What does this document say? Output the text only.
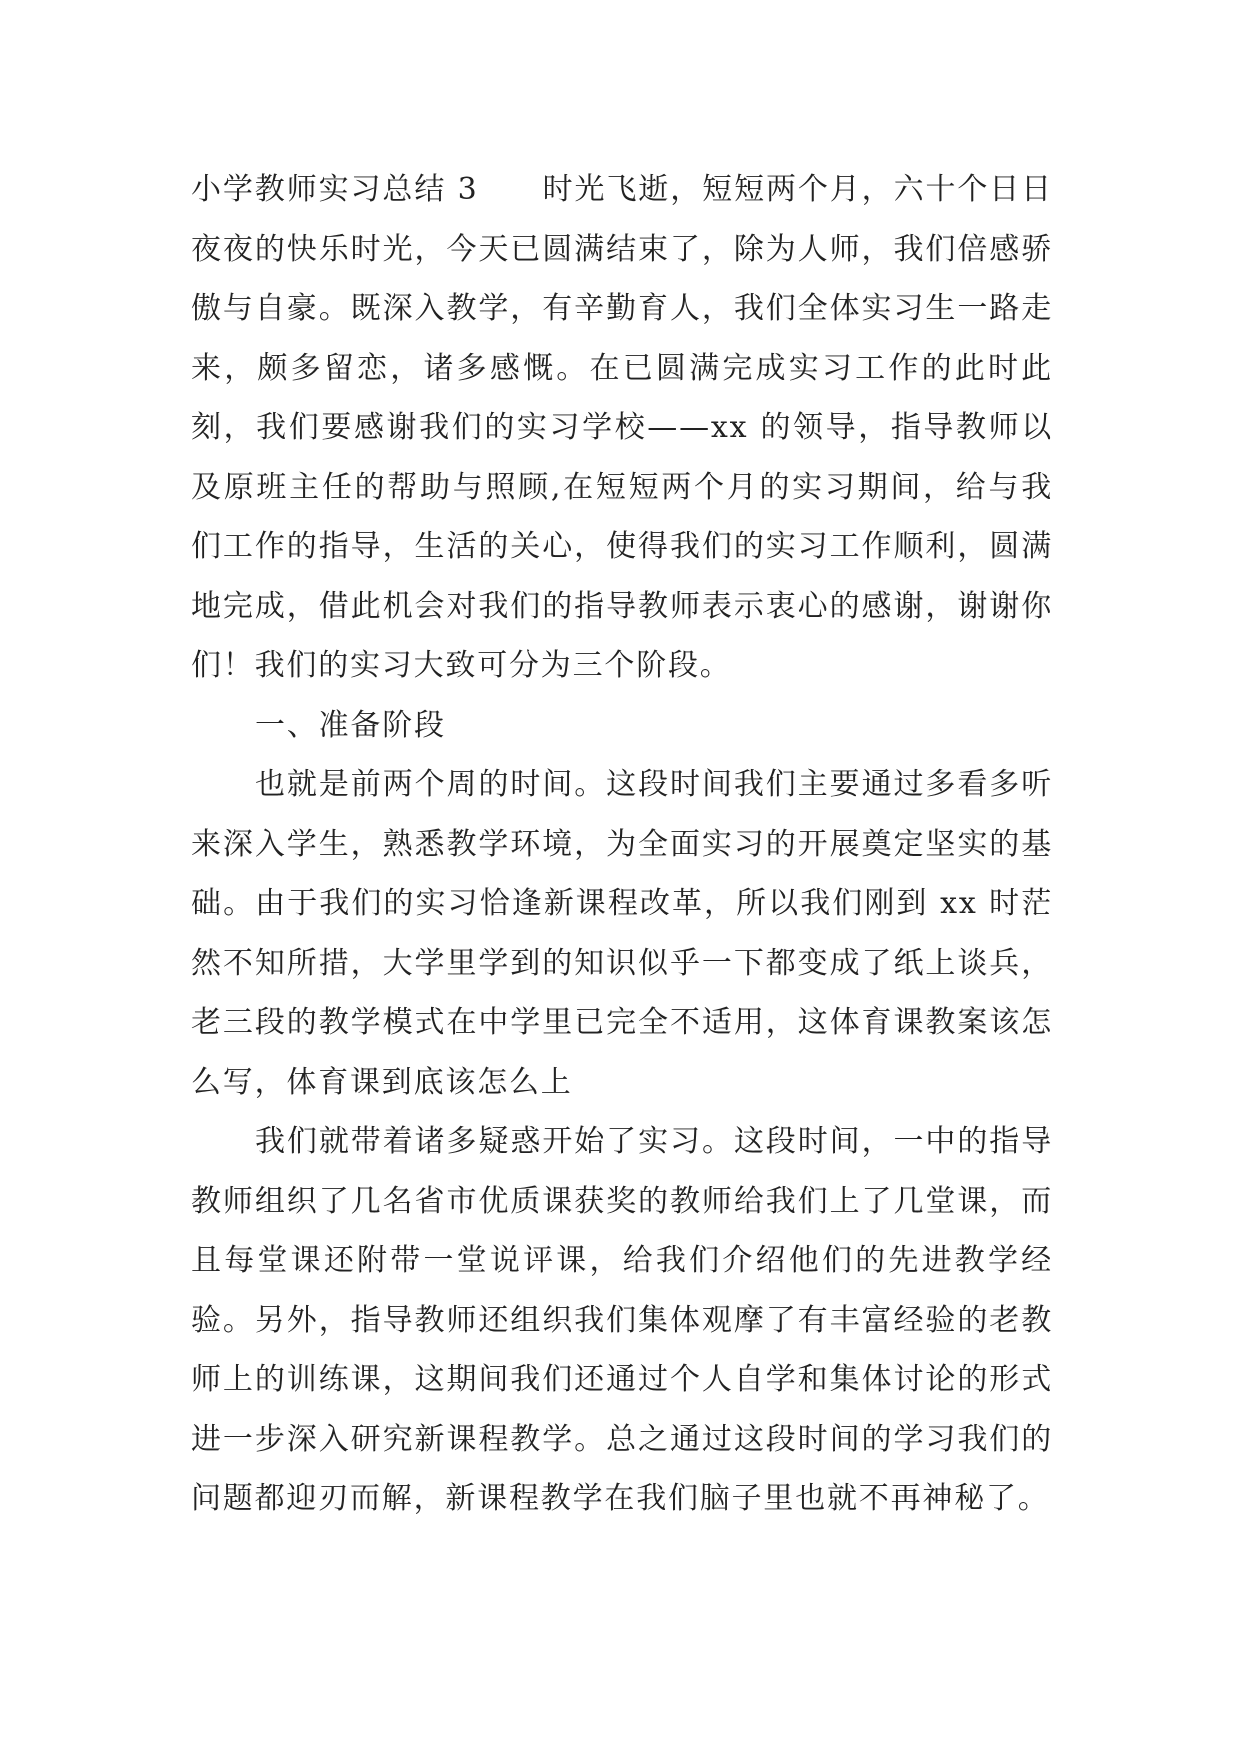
小学教师实习总结 3 时光飞逝，短短两个月，六十个日日夜夜的快乐时光，今天已圆满结束了，除为人师，我们倍感骄傲与自豪。既深入教学，有辛勤育人，我们全体实习生一路走来，颇多留恋，诸多感慨。在已圆满完成实习工作的此时此刻，我们要感谢我们的实习学校——xx 的领导，指导教师以及原班主任的帮助与照顾,在短短两个月的实习期间，给与我们工作的指导，生活的关心，使得我们的实习工作顺利，圆满地完成，借此机会对我们的指导教师表示衷心的感谢，谢谢你们！我们的实习大致可分为三个阶段。

一、准备阶段

也就是前两个周的时间。这段时间我们主要通过多看多听来深入学生，熟悉教学环境，为全面实习的开展奠定坚实的基础。由于我们的实习恰逢新课程改革，所以我们刚到 xx 时茫然不知所措，大学里学到的知识似乎一下都变成了纸上谈兵，老三段的教学模式在中学里已完全不适用，这体育课教案该怎么写，体育课到底该怎么上

我们就带着诸多疑惑开始了实习。这段时间，一中的指导教师组织了几名省市优质课获奖的教师给我们上了几堂课，而且每堂课还附带一堂说评课，给我们介绍他们的先进教学经验。另外，指导教师还组织我们集体观摩了有丰富经验的老教师上的训练课，这期间我们还通过个人自学和集体讨论的形式进一步深入研究新课程教学。总之通过这段时间的学习我们的问题都迎刃而解，新课程教学在我们脑子里也就不再神秘了。
